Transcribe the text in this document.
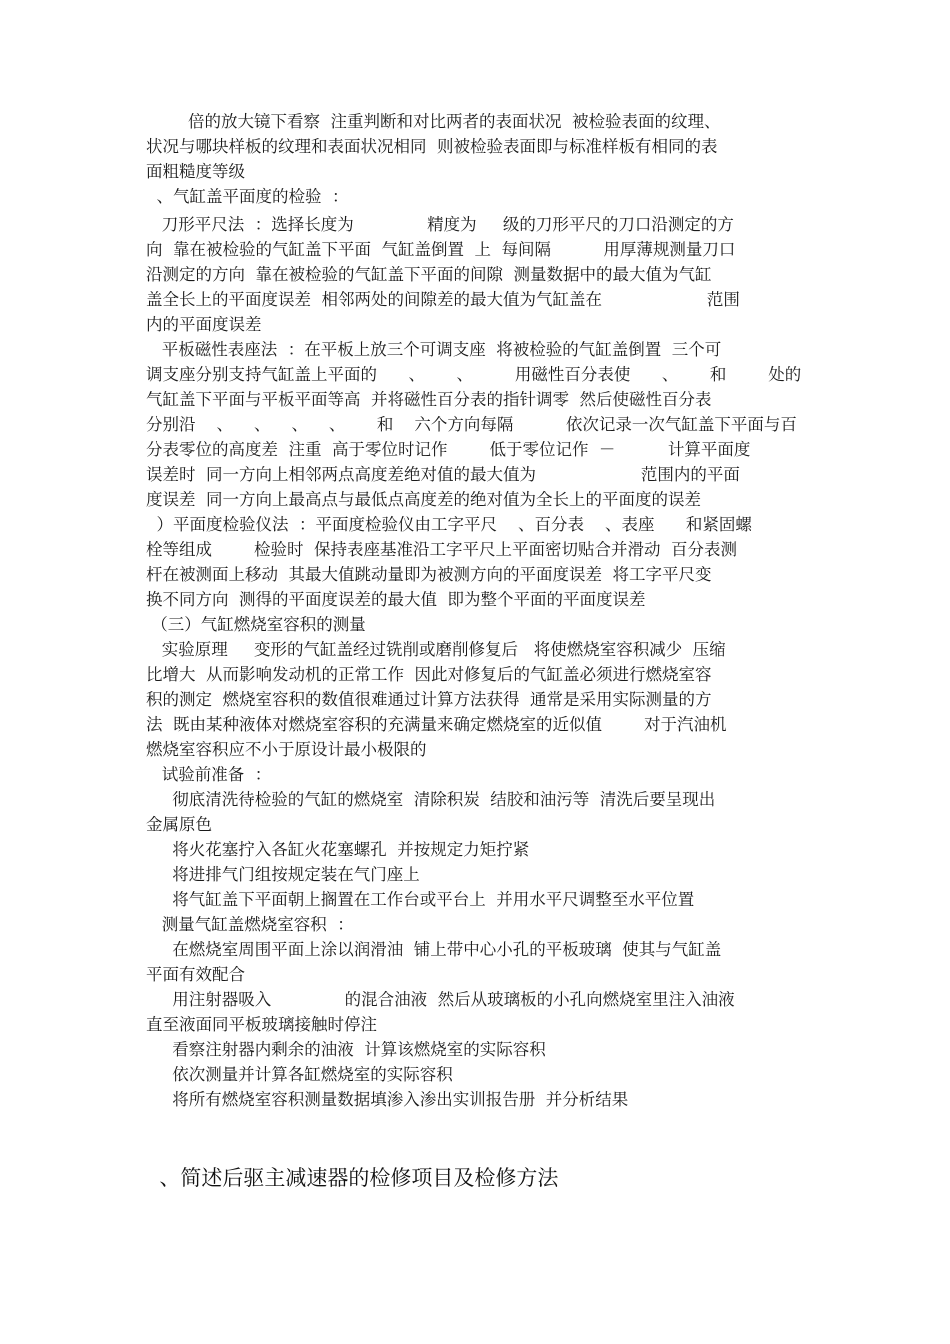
倍的放大镜下看察  注重判断和对比两者的表面状况  被检验表面的纹理、
状况与哪块样板的纹理和表面状况相同  则被检验表面即与标准样板有相同的表
面粗糙度等级
、气缸盖平面度的检验  ：
刀形平尺法  ：选择长度为              精度为     级的刀形平尺的刀口沿测定的方
向  靠在被检验的气缸盖下平面  气缸盖倒置  上  每间隔          用厚薄规测量刀口
沿测定的方向  靠在被检验的气缸盖下平面的间隙  测量数据中的最大值为气缸
盖全长上的平面度误差  相邻两处的间隙差的最大值为气缸盖在                    范围
内的平面度误差
平板磁性表座法  ：在平板上放三个可调支座  将被检验的气缸盖倒置  三个可
调支座分别支持气缸盖上平面的      、      、        用磁性百分表使      、      和        处的
气缸盖下平面与平板平面等高  并将磁性百分表的指针调零  然后使磁性百分表
分别沿    、    、    、    、      和    六个方向每隔          依次记录一次气缸盖下平面与百
分表零位的高度差  注重  高于零位时记作        低于零位记作  －          计算平面度
误差时  同一方向上相邻两点高度差绝对值的最大值为                    范围内的平面
度误差  同一方向上最高点与最低点高度差的绝对值为全长上的平面度的误差
）平面度检验仪法  ：平面度检验仪由工字平尺    、百分表    、表座      和紧固螺
栓等组成        检验时  保持表座基准沿工字平尺上平面密切贴合并滑动  百分表测
杆在被测面上移动  其最大值跳动量即为被测方向的平面度误差  将工字平尺变
换不同方向  测得的平面度误差的最大值  即为整个平面的平面度误差
（三）气缸燃烧室容积的测量
实验原理     变形的气缸盖经过铣削或磨削修复后   将使燃烧室容积减少  压缩
比增大  从而影响发动机的正常工作  因此对修复后的气缸盖必须进行燃烧室容
积的测定  燃烧室容积的数值很难通过计算方法获得  通常是采用实际测量的方
法  既由某种液体对燃烧室容积的充满量来确定燃烧室的近似值        对于汽油机
燃烧室容积应不小于原设计最小极限的
试验前准备  ：
彻底清洗待检验的气缸的燃烧室  清除积炭  结胶和油污等  清洗后要呈现出
金属原色
将火花塞拧入各缸火花塞螺孔  并按规定力矩拧紧
将进排气门组按规定装在气门座上
将气缸盖下平面朝上搁置在工作台或平台上  并用水平尺调整至水平位置
测量气缸盖燃烧室容积  ：
在燃烧室周围平面上涂以润滑油  铺上带中心小孔的平板玻璃  使其与气缸盖
平面有效配合
用注射器吸入              的混合油液  然后从玻璃板的小孔向燃烧室里注入油液
直至液面同平板玻璃接触时停注
看察注射器内剩余的油液  计算该燃烧室的实际容积
依次测量并计算各缸燃烧室的实际容积
将所有燃烧室容积测量数据填渗入渗出实训报告册  并分析结果
、简述后驱主减速器的检修项目及检修方法
